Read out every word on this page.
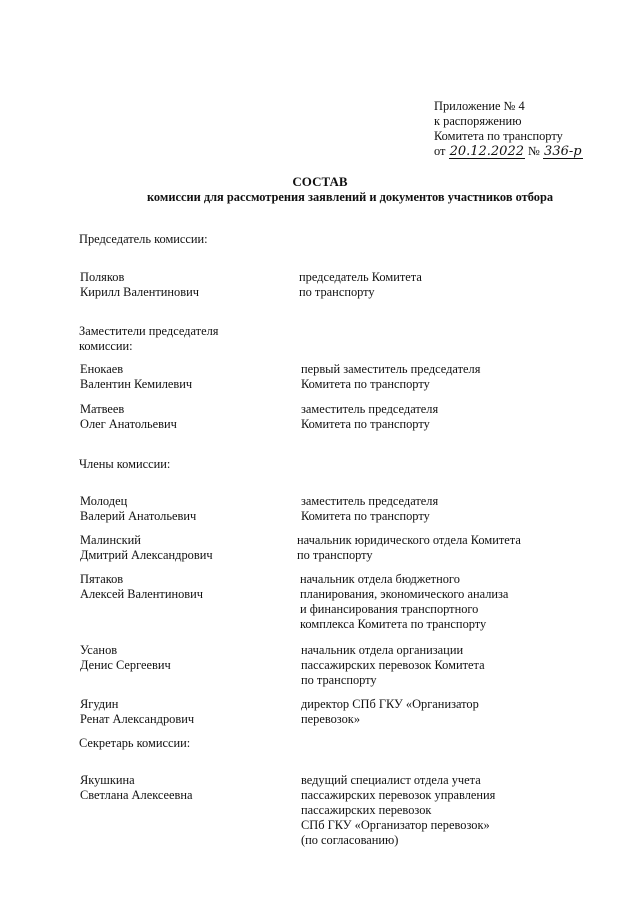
Приложение № 4
к распоряжению
Комитета по транспорту
от 20.12.2022 № 336-р
СОСТАВ
комиссии для рассмотрения заявлений и документов участников отбора
Председатель комиссии:
Поляков
Кирилл Валентинович
председатель Комитета
по транспорту
Заместители председателя
комиссии:
Енокаев
Валентин Кемилевич
первый заместитель председателя
Комитета по транспорту
Матвеев
Олег Анатольевич
заместитель председателя
Комитета по транспорту
Члены комиссии:
Молодец
Валерий Анатольевич
заместитель председателя
Комитета по транспорту
Малинский
Дмитрий Александрович
начальник юридического отдела Комитета
по транспорту
Пятаков
Алексей Валентинович
начальник отдела бюджетного
планирования, экономического анализа
и финансирования транспортного
комплекса Комитета по транспорту
Усанов
Денис Сергеевич
начальник отдела организации
пассажирских перевозок Комитета
по транспорту
Ягудин
Ренат Александрович
директор СПб ГКУ «Организатор
перевозок»
Секретарь комиссии:
Якушкина
Светлана Алексеевна
ведущий специалист отдела учета
пассажирских перевозок управления
пассажирских перевозок
СПб ГКУ «Организатор перевозок»
(по согласованию)
